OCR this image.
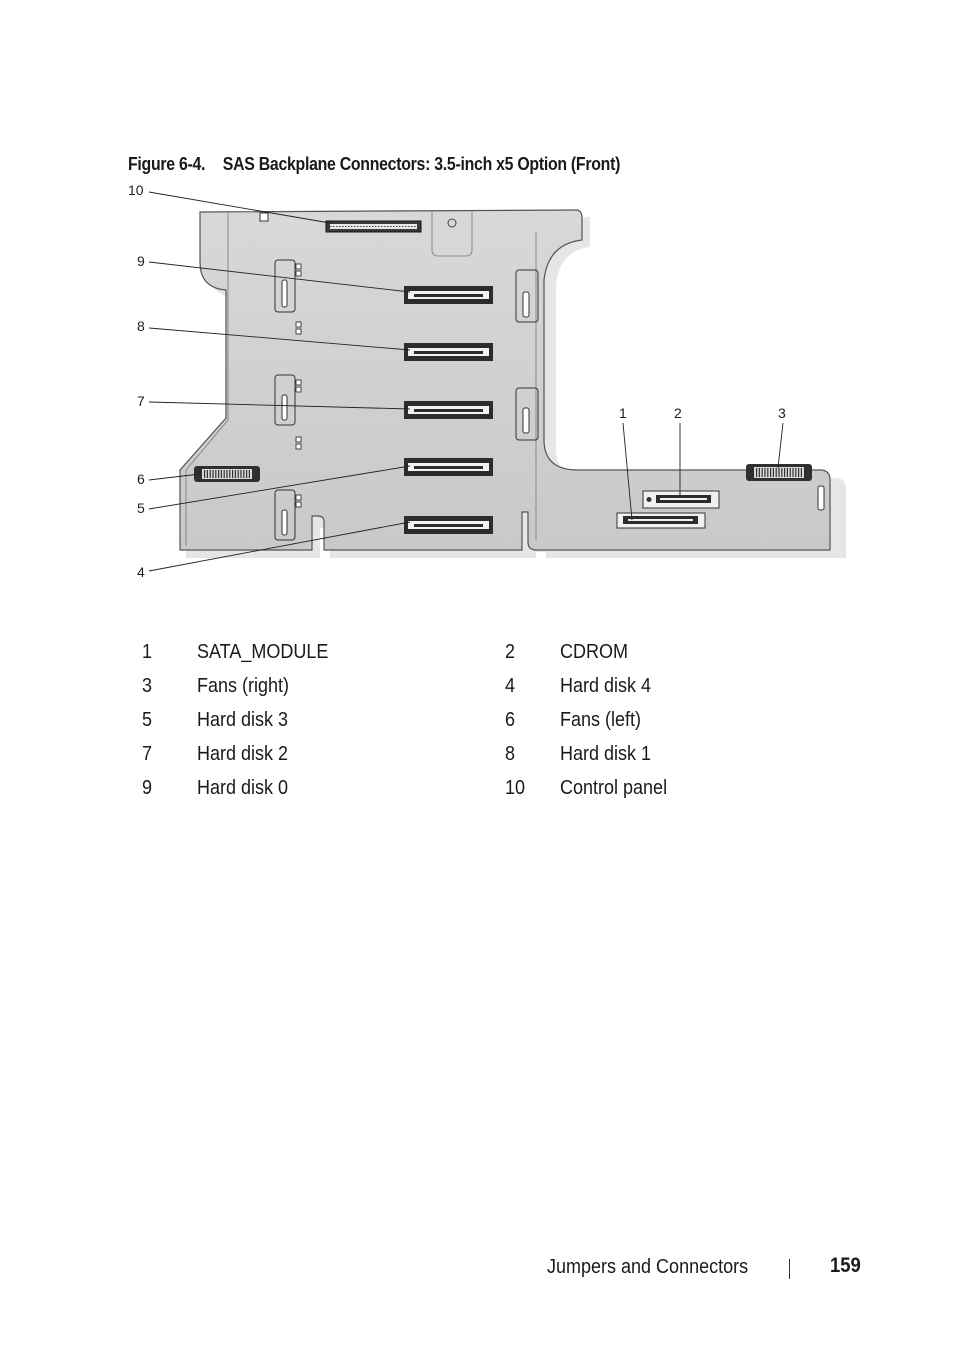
Figure 6-4. SAS Backplane Connectors: 3.5-inch x5 Option (Front)
10
9
8
7
6
5
4
1	2	3
1 SATA_MODULE	2 CDROM
3 Fans (right)	4 Hard disk 4
5 Hard disk 3	6 Fans (left)
7 Hard disk 2	8 Hard disk 1
9 Hard disk 0	10 Control panel
Jumpers and Connectors	159
